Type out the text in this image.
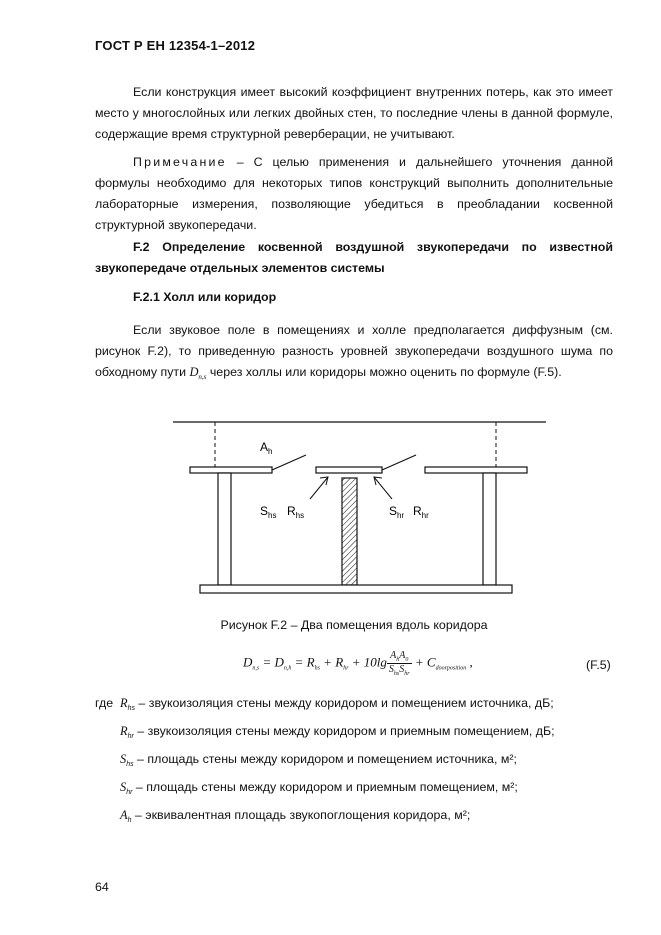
ГОСТ Р ЕН 12354-1–2012
Если конструкция имеет высокий коэффициент внутренних потерь, как это имеет место у многослойных или легких двойных стен, то последние члены в данной формуле, содержащие время структурной реверберации, не учитывают.
Примечание – С целью применения и дальнейшего уточнения данной формулы необходимо для некоторых типов конструкций выполнить дополнительные лабораторные измерения, позволяющие убедиться в преобладании косвенной структурной звукопередачи.
F.2 Определение косвенной воздушной звукопередачи по известной звукопередаче отдельных элементов системы
F.2.1 Холл или коридор
Если звуковое поле в помещениях и холле предполагается диффузным (см. рисунок F.2), то приведенную разность уровней звукопередачи воздушного шума по обходному пути $D_{n,s}$ через холлы или коридоры можно оценить по формуле (F.5).
$A_h$
$S_{hs}$ $R_{hs}$	$S_{hr}$ $R_{hr}$
Рисунок F.2 – Два помещения вдоль коридора
$D_{n,s} = D_{n,h} = R_{hs} + R_{hr} + 10\lg \frac{A_hA_0}{S_{hs}S_{hr}} + C_{doorposition}$ ,	(F.5)
где $R_{hs}$ – звукоизоляция стены между коридором и помещением источника, дБ;
$R_{hr}$ – звукоизоляция стены между коридором и приемным помещением, дБ;
$S_{hs}$ – площадь стены между коридором и помещением источника, м²;
$S_{hr}$ – площадь стены между коридором и приемным помещением, м²;
$A_h$ – эквивалентная площадь звукопоглощения коридора, м²;
64
